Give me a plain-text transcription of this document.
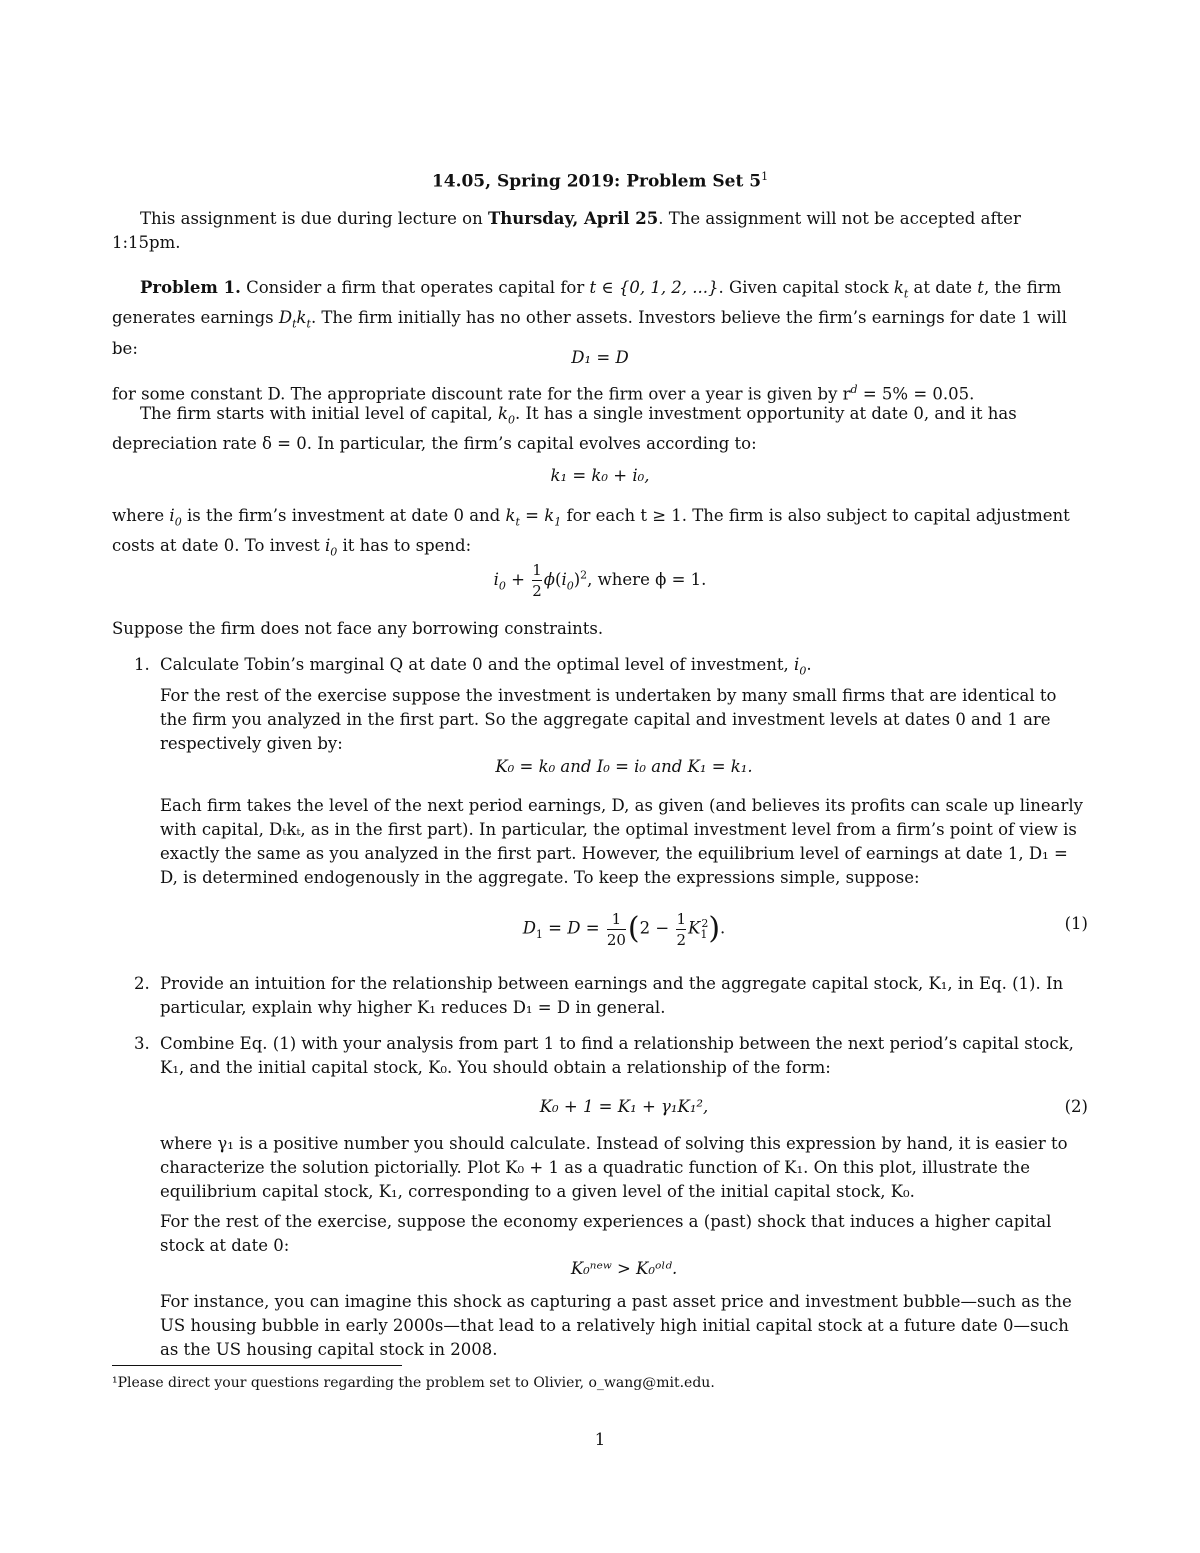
14.05, Spring 2019: Problem Set $5^1$

This assignment is due during lecture on Thursday, April 25. The assignment will not be accepted after 1:15pm.

Problem 1. Consider a firm that operates capital for t ∈ {0, 1, 2, ...}. Given capital stock $k_t$ at date t, the firm generates earnings $D_tk_t$. The firm initially has no other assets. Investors believe the firm’s earnings for date 1 will be:	D₁ = D

for some constant D. The appropriate discount rate for the firm over a year is given by $r^d = 5\% = 0.05$.

The firm starts with initial level of capital, $k_0$. It has a single investment opportunity at date 0, and it has depreciation rate δ = 0. In particular, the firm’s capital evolves according to:

k₁ = k₀ + i₀,

where $i_0$ is the firm’s investment at date 0 and $k_t = k_1$ for each t ≥ 1. The firm is also subject to capital adjustment costs at date 0. To invest $i_0$ it has to spend:

$i_0 + \frac{1}{2} \phi(i_0)^2$, where ϕ = 1.

Suppose the firm does not face any borrowing constraints.

1. Calculate Tobin’s marginal Q at date 0 and the optimal level of investment, $i_0$.
For the rest of the exercise suppose the investment is undertaken by many small firms that are identical to the firm you analyzed in the first part. So the aggregate capital and investment levels at dates 0 and 1 are respectively given by:
K₀ = k₀ and I₀ = i₀ and K₁ = k₁.
Each firm takes the level of the next period earnings, D, as given (and believes its profits can scale up linearly with capital, Dₜkₜ, as in the first part). In particular, the optimal investment level from a firm’s point of view is exactly the same as you analyzed in the first part. However, the equilibrium level of earnings at date 1, D₁ = D, is determined endogenously in the aggregate. To keep the expressions simple, suppose:
$D_1 = D = \frac{1}{20} (2 - \frac{1}{2} K_1^2)$.	(1)
2. Provide an intuition for the relationship between earnings and the aggregate capital stock, K₁, in Eq. (1). In particular, explain why higher K₁ reduces D₁ = D in general.
3. Combine Eq. (1) with your analysis from part 1 to find a relationship between the next period’s capital stock, K₁, and the initial capital stock, K₀. You should obtain a relationship of the form:
K₀ + 1 = K₁ + γ₁K₁²,	(2)
where γ₁ is a positive number you should calculate. Instead of solving this expression by hand, it is easier to characterize the solution pictorially. Plot K₀ + 1 as a quadratic function of K₁. On this plot, illustrate the equilibrium capital stock, K₁, corresponding to a given level of the initial capital stock, K₀.
For the rest of the exercise, suppose the economy experiences a (past) shock that induces a higher capital stock at date 0:
K₀ⁿᵉʷ > K₀ᵒˡᵈ.
For instance, you can imagine this shock as capturing a past asset price and investment bubble—such as the US housing bubble in early 2000s—that lead to a relatively high initial capital stock at a future date 0—such as the US housing capital stock in 2008.
¹Please direct your questions regarding the problem set to Olivier, o_wang@mit.edu.
1
